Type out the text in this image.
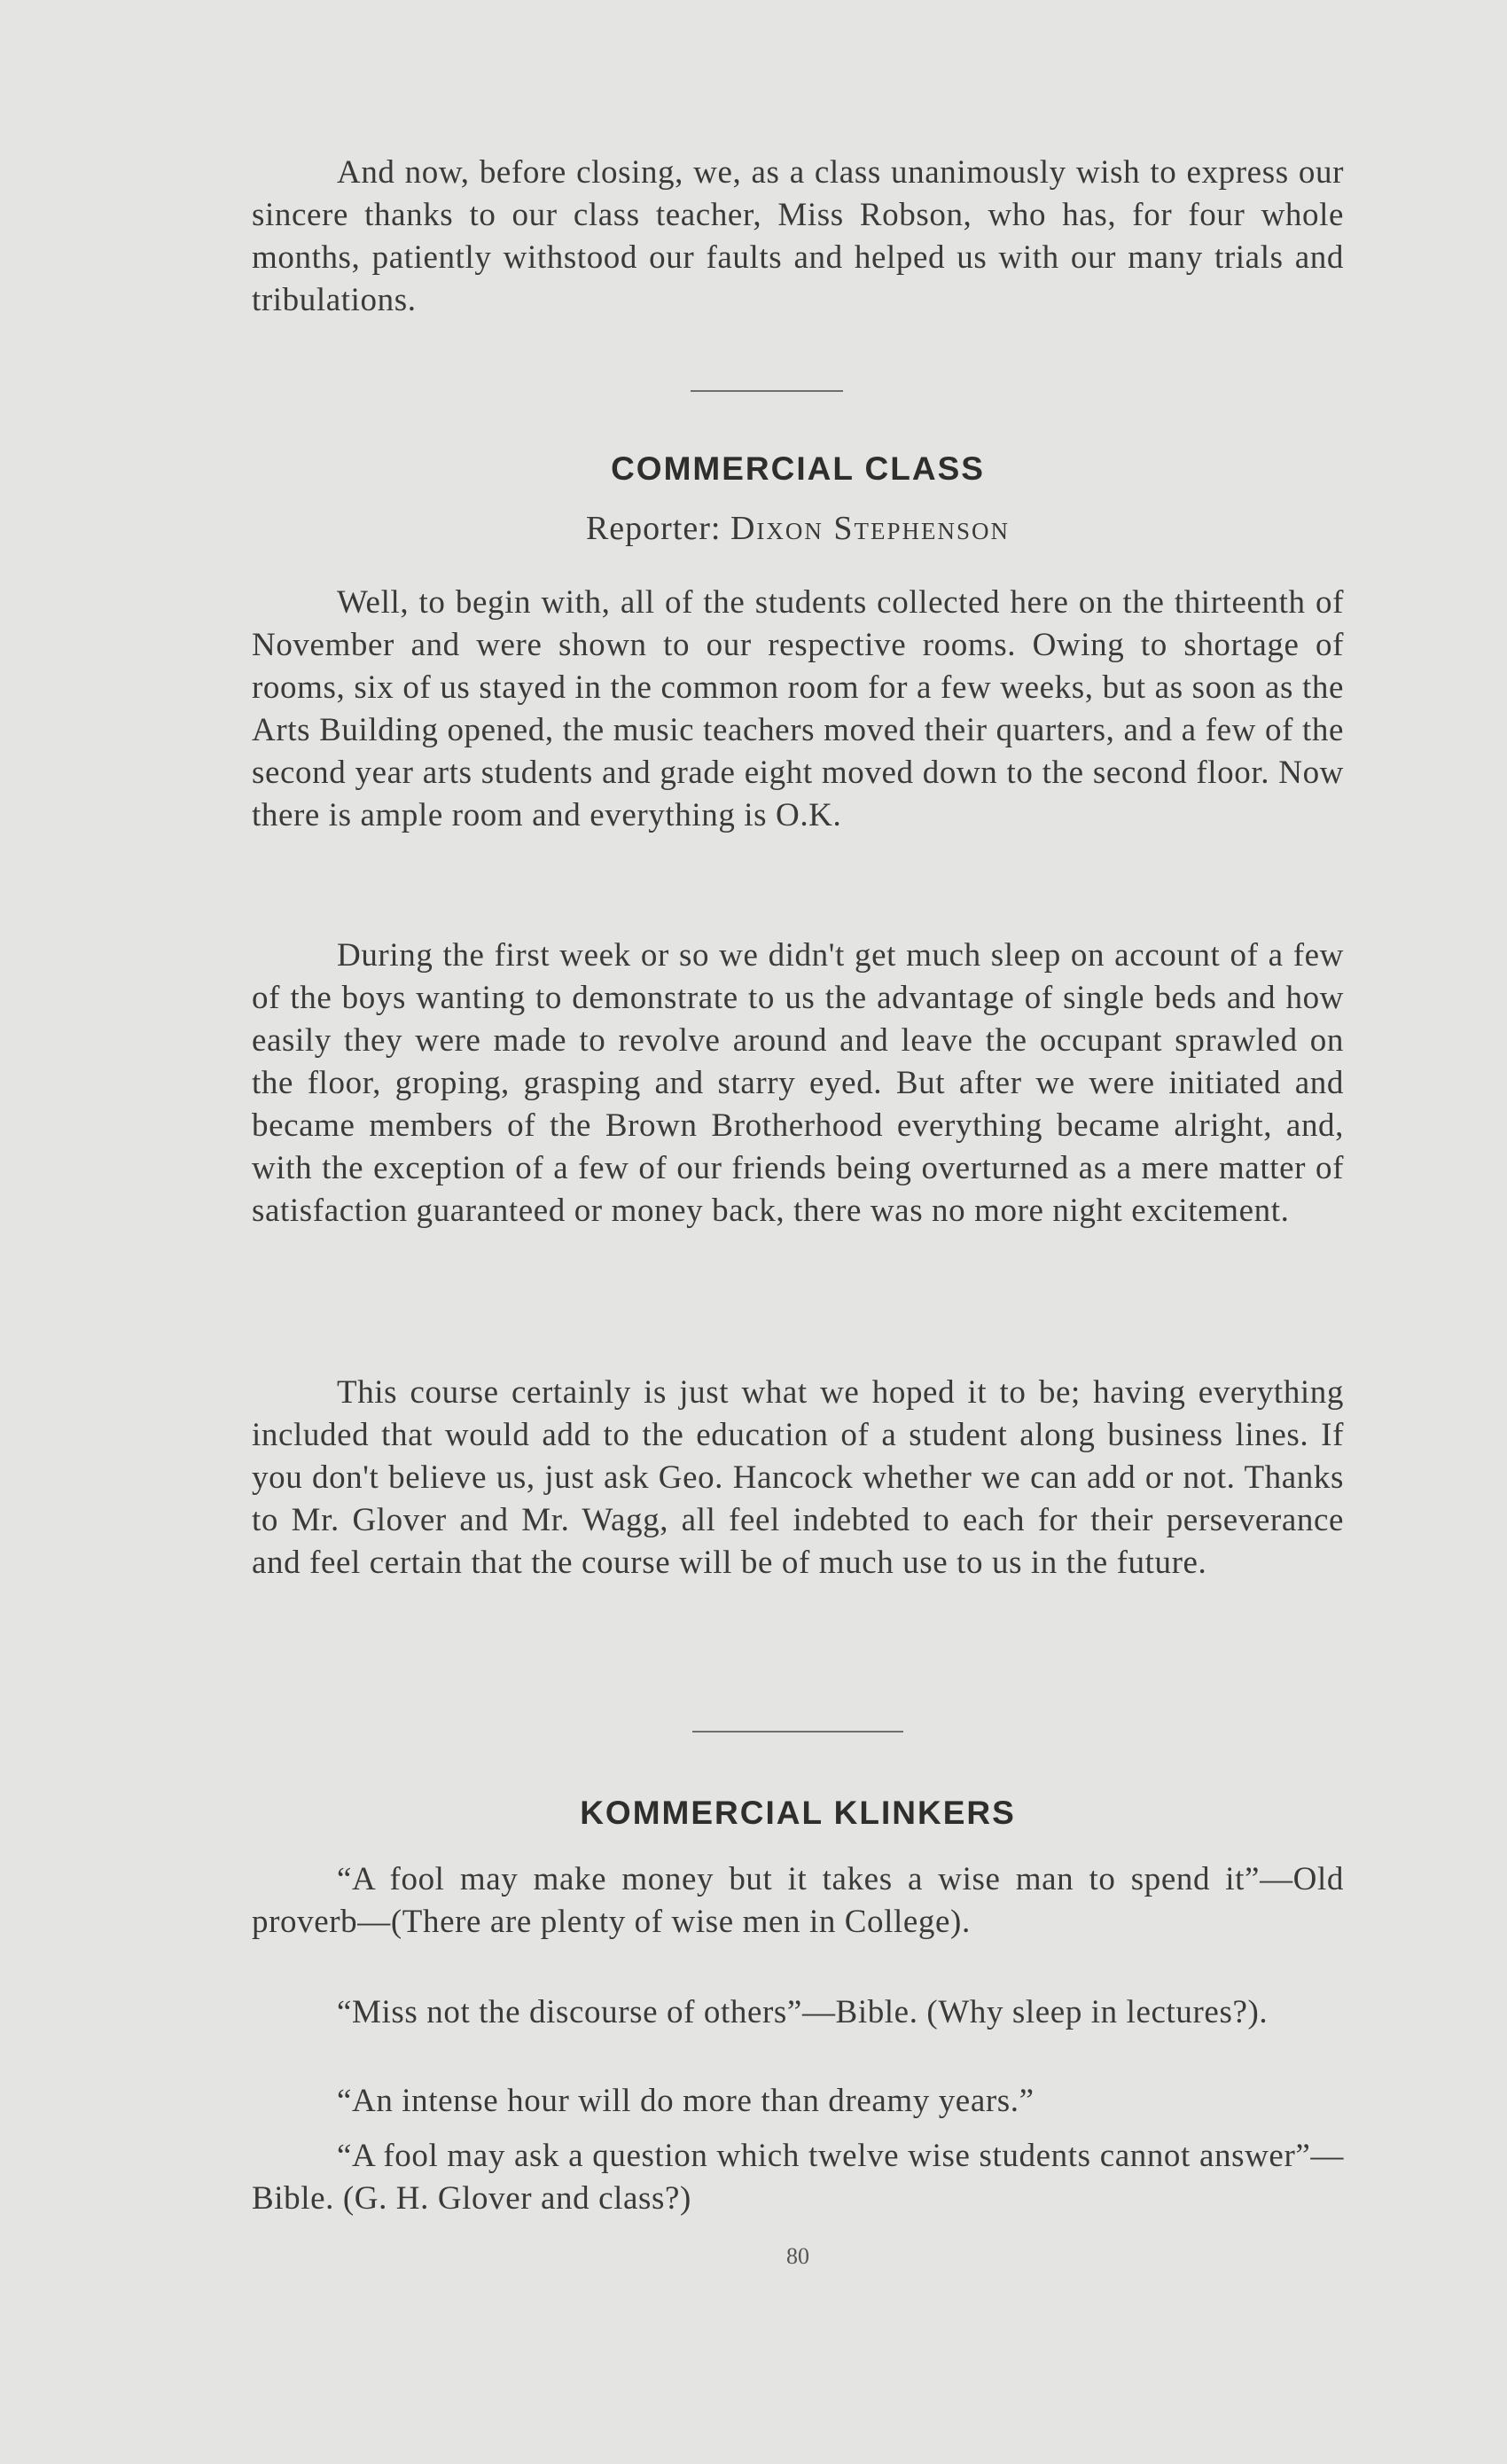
And now, before closing, we, as a class unanimously wish to express our sincere thanks to our class teacher, Miss Robson, who has, for four whole months, patiently withstood our faults and helped us with our many trials and tribulations.

COMMERCIAL CLASS
Reporter: Dixon Stephenson

Well, to begin with, all of the students collected here on the thirteenth of November and were shown to our respective rooms. Owing to shortage of rooms, six of us stayed in the common room for a few weeks, but as soon as the Arts Building opened, the music teachers moved their quarters, and a few of the second year arts students and grade eight moved down to the second floor. Now there is ample room and everything is O.K.

During the first week or so we didn't get much sleep on account of a few of the boys wanting to demonstrate to us the advantage of single beds and how easily they were made to revolve around and leave the occupant sprawled on the floor, groping, grasping and starry eyed. But after we were initiated and became members of the Brown Brotherhood everything became alright, and, with the exception of a few of our friends being overturned as a mere matter of satisfaction guaranteed or money back, there was no more night excitement.

This course certainly is just what we hoped it to be; having everything included that would add to the education of a student along business lines. If you don't believe us, just ask Geo. Hancock whether we can add or not. Thanks to Mr. Glover and Mr. Wagg, all feel indebted to each for their perseverance and feel certain that the course will be of much use to us in the future.

KOMMERCIAL KLINKERS

“A fool may make money but it takes a wise man to spend it”—Old proverb—(There are plenty of wise men in College).

“Miss not the discourse of others”—Bible. (Why sleep in lectures?).

“An intense hour will do more than dreamy years.”

“A fool may ask a question which twelve wise students cannot answer”—Bible. (G. H. Glover and class?)

80
